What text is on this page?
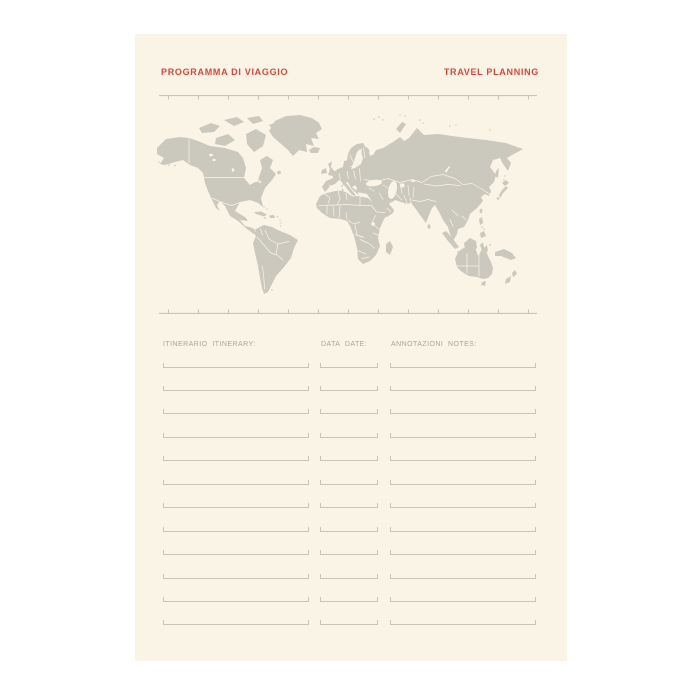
PROGRAMMA DI VIAGGIO	TRAVEL PLANNING
ITINERARIO  ITINERARY:	DATA  DATE:	ANNOTAZIONI  NOTES:
